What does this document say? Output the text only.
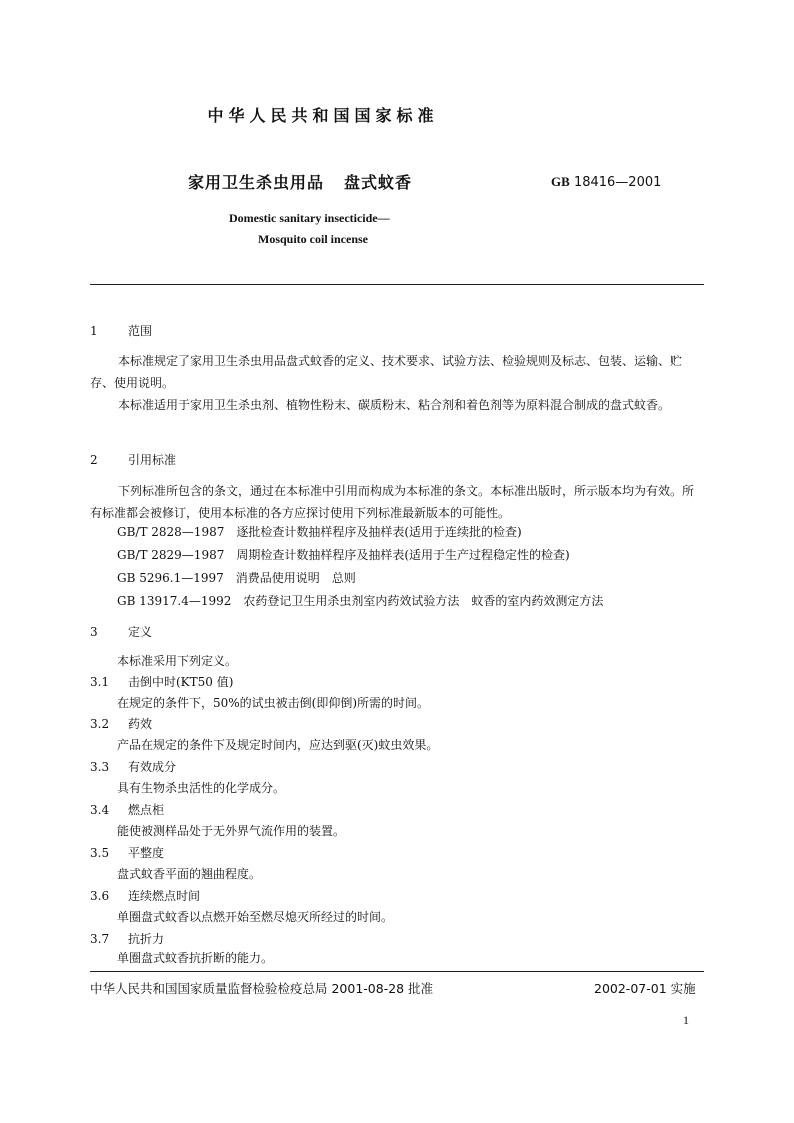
中华人民共和国国家标准
家用卫生杀虫用品 盘式蚊香	GB 18416—2001
Domestic sanitary insecticide—
Mosquito coil incense
1	范围
本标准规定了家用卫生杀虫用品盘式蚊香的定义、技术要求、试验方法、检验规则及标志、包装、运输、贮存、使用说明。
本标准适用于家用卫生杀虫剂、植物性粉末、碳质粉末、粘合剂和着色剂等为原料混合制成的盘式蚊香。
2	引用标准
下列标准所包含的条文，通过在本标准中引用而构成为本标准的条文。本标准出版时，所示版本均为有效。所有标准都会被修订，使用本标准的各方应探讨使用下列标准最新版本的可能性。
GB/T 2828—1987　逐批检查计数抽样程序及抽样表(适用于连续批的检查)
GB/T 2829—1987　周期检查计数抽样程序及抽样表(适用于生产过程稳定性的检查)
GB 5296.1—1997　消费品使用说明　总则
GB 13917.4—1992　农药登记卫生用杀虫剂室内药效试验方法　蚊香的室内药效测定方法
3	定义
本标准采用下列定义。
3.1 击倒中时(KT50 值)
在规定的条件下，50%的试虫被击倒(即仰倒)所需的时间。
3.2 药效
产品在规定的条件下及规定时间内，应达到驱(灭)蚊虫效果。
3.3 有效成分
具有生物杀虫活性的化学成分。
3.4 燃点柜
能使被测样品处于无外界气流作用的装置。
3.5 平整度
盘式蚊香平面的翘曲程度。
3.6 连续燃点时间
单圈盘式蚊香以点燃开始至燃尽熄灭所经过的时间。
3.7 抗折力
单圈盘式蚊香抗折断的能力。
中华人民共和国国家质量监督检验检疫总局 2001-08-28 批准	2002-07-01 实施
1
